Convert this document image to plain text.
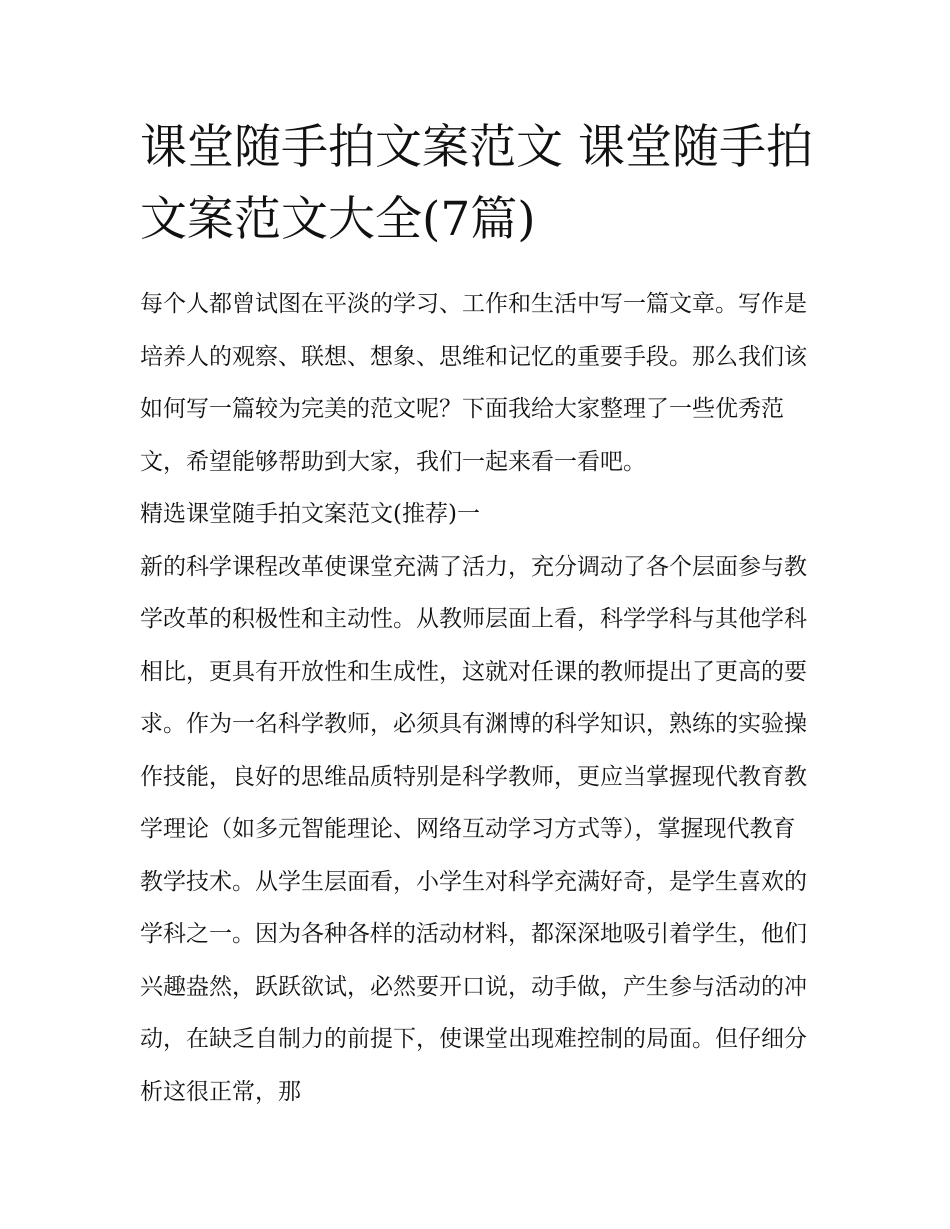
课堂随手拍文案范文 课堂随手拍文案范文大全(7篇)

每个人都曾试图在平淡的学习、工作和生活中写一篇文章。写作是培养人的观察、联想、想象、思维和记忆的重要手段。那么我们该如何写一篇较为完美的范文呢？下面我给大家整理了一些优秀范文，希望能够帮助到大家，我们一起来看一看吧。

精选课堂随手拍文案范文(推荐)一

新的科学课程改革使课堂充满了活力，充分调动了各个层面参与教学改革的积极性和主动性。从教师层面上看，科学学科与其他学科相比，更具有开放性和生成性，这就对任课的教师提出了更高的要求。作为一名科学教师，必须具有渊博的科学知识，熟练的实验操作技能，良好的思维品质特别是科学教师，更应当掌握现代教育教学理论（如多元智能理论、网络互动学习方式等），掌握现代教育教学技术。从学生层面看，小学生对科学充满好奇，是学生喜欢的学科之一。因为各种各样的活动材料，都深深地吸引着学生，他们兴趣盎然，跃跃欲试，必然要开口说，动手做，产生参与活动的冲动，在缺乏自制力的前提下，使课堂出现难控制的局面。但仔细分析这很正常，那
